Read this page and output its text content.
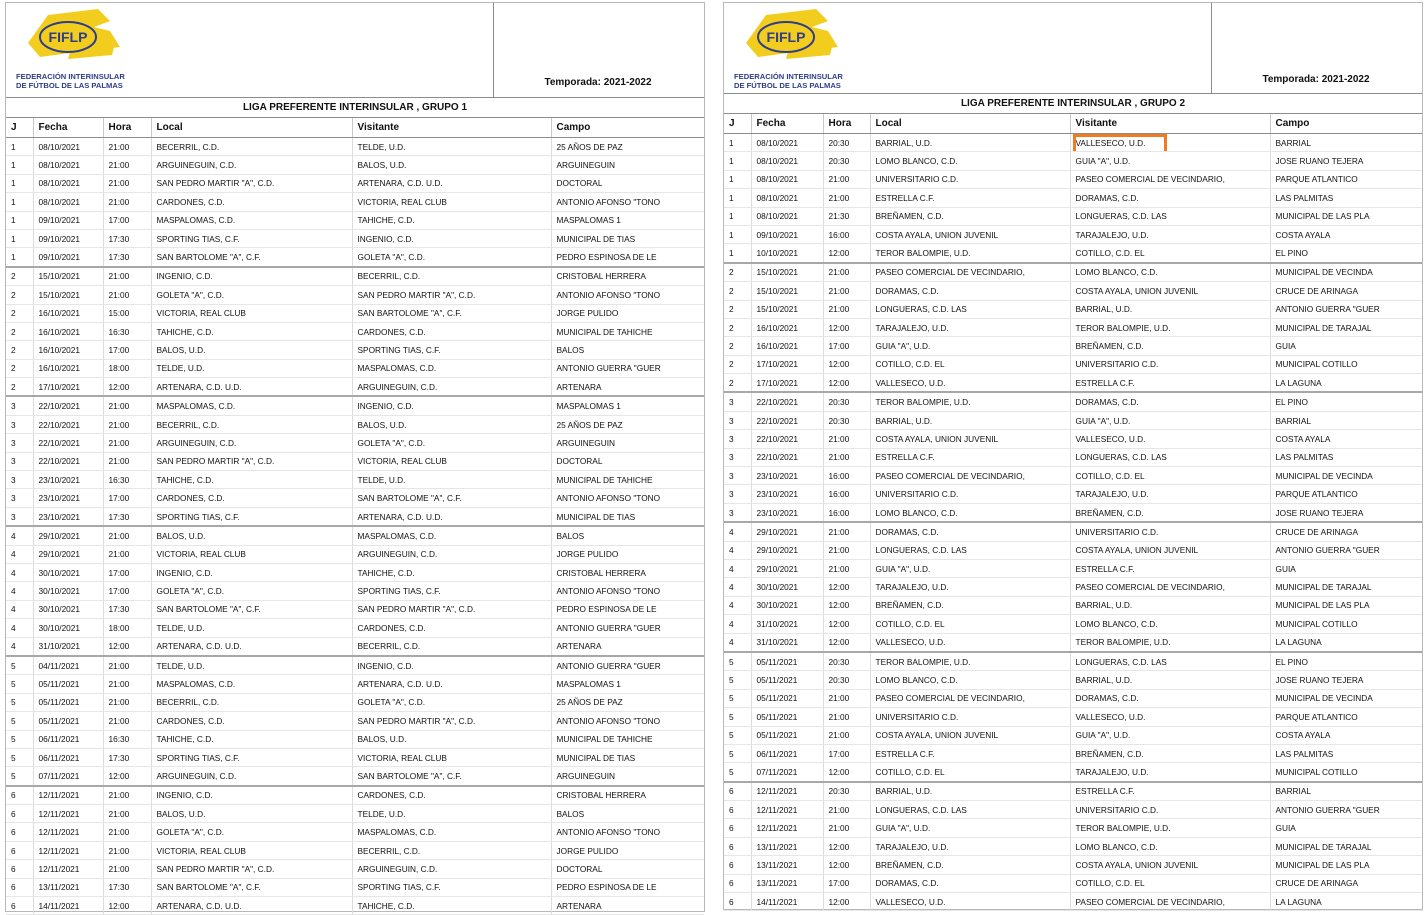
FIFLP
FEDERACIÓN INTERINSULAR
DE FÚTBOL DE LAS PALMAS	Temporada: 2021-2022
LIGA PREFERENTE INTERINSULAR , GRUPO 1
J	Fecha	Hora	Local	Visitante	Campo
1	08/10/2021	21:00	BECERRIL, C.D.	TELDE, U.D.	25 AÑOS DE PAZ
1	08/10/2021	21:00	ARGUINEGUIN, C.D.	BALOS, U.D.	ARGUINEGUIN
1	08/10/2021	21:00	SAN PEDRO MARTIR "A", C.D.	ARTENARA, C.D. U.D.	DOCTORAL
1	08/10/2021	21:00	CARDONES, C.D.	VICTORIA, REAL CLUB	ANTONIO AFONSO "TONO
1	09/10/2021	17:00	MASPALOMAS, C.D.	TAHICHE, C.D.	MASPALOMAS 1
1	09/10/2021	17:30	SPORTING TIAS, C.F.	INGENIO, C.D.	MUNICIPAL DE TIAS
1	09/10/2021	17:30	SAN BARTOLOME "A", C.F.	GOLETA "A", C.D.	PEDRO ESPINOSA DE LE
2	15/10/2021	21:00	INGENIO, C.D.	BECERRIL, C.D.	CRISTOBAL HERRERA
2	15/10/2021	21:00	GOLETA "A", C.D.	SAN PEDRO MARTIR "A", C.D.	ANTONIO AFONSO "TONO
2	16/10/2021	15:00	VICTORIA, REAL CLUB	SAN BARTOLOME "A", C.F.	JORGE PULIDO
2	16/10/2021	16:30	TAHICHE, C.D.	CARDONES, C.D.	MUNICIPAL DE TAHICHE
2	16/10/2021	17:00	BALOS, U.D.	SPORTING TIAS, C.F.	BALOS
2	16/10/2021	18:00	TELDE, U.D.	MASPALOMAS, C.D.	ANTONIO GUERRA "GUER
2	17/10/2021	12:00	ARTENARA, C.D. U.D.	ARGUINEGUIN, C.D.	ARTENARA
3	22/10/2021	21:00	MASPALOMAS, C.D.	INGENIO, C.D.	MASPALOMAS 1
3	22/10/2021	21:00	BECERRIL, C.D.	BALOS, U.D.	25 AÑOS DE PAZ
3	22/10/2021	21:00	ARGUINEGUIN, C.D.	GOLETA "A", C.D.	ARGUINEGUIN
3	22/10/2021	21:00	SAN PEDRO MARTIR "A", C.D.	VICTORIA, REAL CLUB	DOCTORAL
3	23/10/2021	16:30	TAHICHE, C.D.	TELDE, U.D.	MUNICIPAL DE TAHICHE
3	23/10/2021	17:00	CARDONES, C.D.	SAN BARTOLOME "A", C.F.	ANTONIO AFONSO "TONO
3	23/10/2021	17:30	SPORTING TIAS, C.F.	ARTENARA, C.D. U.D.	MUNICIPAL DE TIAS
4	29/10/2021	21:00	BALOS, U.D.	MASPALOMAS, C.D.	BALOS
4	29/10/2021	21:00	VICTORIA, REAL CLUB	ARGUINEGUIN, C.D.	JORGE PULIDO
4	30/10/2021	17:00	INGENIO, C.D.	TAHICHE, C.D.	CRISTOBAL HERRERA
4	30/10/2021	17:00	GOLETA "A", C.D.	SPORTING TIAS, C.F.	ANTONIO AFONSO "TONO
4	30/10/2021	17:30	SAN BARTOLOME "A", C.F.	SAN PEDRO MARTIR "A", C.D.	PEDRO ESPINOSA DE LE
4	30/10/2021	18:00	TELDE, U.D.	CARDONES, C.D.	ANTONIO GUERRA "GUER
4	31/10/2021	12:00	ARTENARA, C.D. U.D.	BECERRIL, C.D.	ARTENARA
5	04/11/2021	21:00	TELDE, U.D.	INGENIO, C.D.	ANTONIO GUERRA "GUER
5	05/11/2021	21:00	MASPALOMAS, C.D.	ARTENARA, C.D. U.D.	MASPALOMAS 1
5	05/11/2021	21:00	BECERRIL, C.D.	GOLETA "A", C.D.	25 AÑOS DE PAZ
5	05/11/2021	21:00	CARDONES, C.D.	SAN PEDRO MARTIR "A", C.D.	ANTONIO AFONSO "TONO
5	06/11/2021	16:30	TAHICHE, C.D.	BALOS, U.D.	MUNICIPAL DE TAHICHE
5	06/11/2021	17:30	SPORTING TIAS, C.F.	VICTORIA, REAL CLUB	MUNICIPAL DE TIAS
5	07/11/2021	12:00	ARGUINEGUIN, C.D.	SAN BARTOLOME "A", C.F.	ARGUINEGUIN
6	12/11/2021	21:00	INGENIO, C.D.	CARDONES, C.D.	CRISTOBAL HERRERA
6	12/11/2021	21:00	BALOS, U.D.	TELDE, U.D.	BALOS
6	12/11/2021	21:00	GOLETA "A", C.D.	MASPALOMAS, C.D.	ANTONIO AFONSO "TONO
6	12/11/2021	21:00	VICTORIA, REAL CLUB	BECERRIL, C.D.	JORGE PULIDO
6	12/11/2021	21:00	SAN PEDRO MARTIR "A", C.D.	ARGUINEGUIN, C.D.	DOCTORAL
6	13/11/2021	17:30	SAN BARTOLOME "A", C.F.	SPORTING TIAS, C.F.	PEDRO ESPINOSA DE LE
6	14/11/2021	12:00	ARTENARA, C.D. U.D.	TAHICHE, C.D.	ARTENARA
FIFLP
FEDERACIÓN INTERINSULAR
DE FÚTBOL DE LAS PALMAS
Temporada: 2021-2022
LIGA PREFERENTE INTERINSULAR , GRUPO 2
J	Fecha	Hora	Local	Visitante	Campo
1	08/10/2021	20:30	BARRIAL, U.D.	VALLESECO, U.D.	BARRIAL
1	08/10/2021	20:30	LOMO BLANCO, C.D.	GUIA "A", U.D.	JOSE RUANO TEJERA
1	08/10/2021	21:00	UNIVERSITARIO C.D.	PASEO COMERCIAL DE VECINDARIO,	PARQUE ATLANTICO
1	08/10/2021	21:00	ESTRELLA C.F.	DORAMAS, C.D.	LAS PALMITAS
1	08/10/2021	21:30	BREÑAMEN, C.D.	LONGUERAS, C.D. LAS	MUNICIPAL DE LAS PLA
1	09/10/2021	16:00	COSTA AYALA, UNION JUVENIL	TARAJALEJO, U.D.	COSTA AYALA
1	10/10/2021	12:00	TEROR BALOMPIE, U.D.	COTILLO, C.D. EL	EL PINO
2	15/10/2021	21:00	PASEO COMERCIAL DE VECINDARIO,	LOMO BLANCO, C.D.	MUNICIPAL DE VECINDA
2	15/10/2021	21:00	DORAMAS, C.D.	COSTA AYALA, UNION JUVENIL	CRUCE DE ARINAGA
2	15/10/2021	21:00	LONGUERAS, C.D. LAS	BARRIAL, U.D.	ANTONIO GUERRA "GUER
2	16/10/2021	12:00	TARAJALEJO, U.D.	TEROR BALOMPIE, U.D.	MUNICIPAL DE TARAJAL
2	16/10/2021	17:00	GUIA "A", U.D.	BREÑAMEN, C.D.	GUIA
2	17/10/2021	12:00	COTILLO, C.D. EL	UNIVERSITARIO C.D.	MUNICIPAL COTILLO
2	17/10/2021	12:00	VALLESECO, U.D.	ESTRELLA C.F.	LA LAGUNA
3	22/10/2021	20:30	TEROR BALOMPIE, U.D.	DORAMAS, C.D.	EL PINO
3	22/10/2021	20:30	BARRIAL, U.D.	GUIA "A", U.D.	BARRIAL
3	22/10/2021	21:00	COSTA AYALA, UNION JUVENIL	VALLESECO, U.D.	COSTA AYALA
3	22/10/2021	21:00	ESTRELLA C.F.	LONGUERAS, C.D. LAS	LAS PALMITAS
3	23/10/2021	16:00	PASEO COMERCIAL DE VECINDARIO,	COTILLO, C.D. EL	MUNICIPAL DE VECINDA
3	23/10/2021	16:00	UNIVERSITARIO C.D.	TARAJALEJO, U.D.	PARQUE ATLANTICO
3	23/10/2021	16:00	LOMO BLANCO, C.D.	BREÑAMEN, C.D.	JOSE RUANO TEJERA
4	29/10/2021	21:00	DORAMAS, C.D.	UNIVERSITARIO C.D.	CRUCE DE ARINAGA
4	29/10/2021	21:00	LONGUERAS, C.D. LAS	COSTA AYALA, UNION JUVENIL	ANTONIO GUERRA "GUER
4	29/10/2021	21:00	GUIA "A", U.D.	ESTRELLA C.F.	GUIA
4	30/10/2021	12:00	TARAJALEJO, U.D.	PASEO COMERCIAL DE VECINDARIO,	MUNICIPAL DE TARAJAL
4	30/10/2021	12:00	BREÑAMEN, C.D.	BARRIAL, U.D.	MUNICIPAL DE LAS PLA
4	31/10/2021	12:00	COTILLO, C.D. EL	LOMO BLANCO, C.D.	MUNICIPAL COTILLO
4	31/10/2021	12:00	VALLESECO, U.D.	TEROR BALOMPIE, U.D.	LA LAGUNA
5	05/11/2021	20:30	TEROR BALOMPIE, U.D.	LONGUERAS, C.D. LAS	EL PINO
5	05/11/2021	20:30	LOMO BLANCO, C.D.	BARRIAL, U.D.	JOSE RUANO TEJERA
5	05/11/2021	21:00	PASEO COMERCIAL DE VECINDARIO,	DORAMAS, C.D.	MUNICIPAL DE VECINDA
5	05/11/2021	21:00	UNIVERSITARIO C.D.	VALLESECO, U.D.	PARQUE ATLANTICO
5	05/11/2021	21:00	COSTA AYALA, UNION JUVENIL	GUIA "A", U.D.	COSTA AYALA
5	06/11/2021	17:00	ESTRELLA C.F.	BREÑAMEN, C.D.	LAS PALMITAS
5	07/11/2021	12:00	COTILLO, C.D. EL	TARAJALEJO, U.D.	MUNICIPAL COTILLO
6	12/11/2021	20:30	BARRIAL, U.D.	ESTRELLA C.F.	BARRIAL
6	12/11/2021	21:00	LONGUERAS, C.D. LAS	UNIVERSITARIO C.D.	ANTONIO GUERRA "GUER
6	12/11/2021	21:00	GUIA "A", U.D.	TEROR BALOMPIE, U.D.	GUIA
6	13/11/2021	12:00	TARAJALEJO, U.D.	LOMO BLANCO, C.D.	MUNICIPAL DE TARAJAL
6	13/11/2021	12:00	BREÑAMEN, C.D.	COSTA AYALA, UNION JUVENIL	MUNICIPAL DE LAS PLA
6	13/11/2021	17:00	DORAMAS, C.D.	COTILLO, C.D. EL	CRUCE DE ARINAGA
6	14/11/2021	12:00	VALLESECO, U.D.	PASEO COMERCIAL DE VECINDARIO,	LA LAGUNA
